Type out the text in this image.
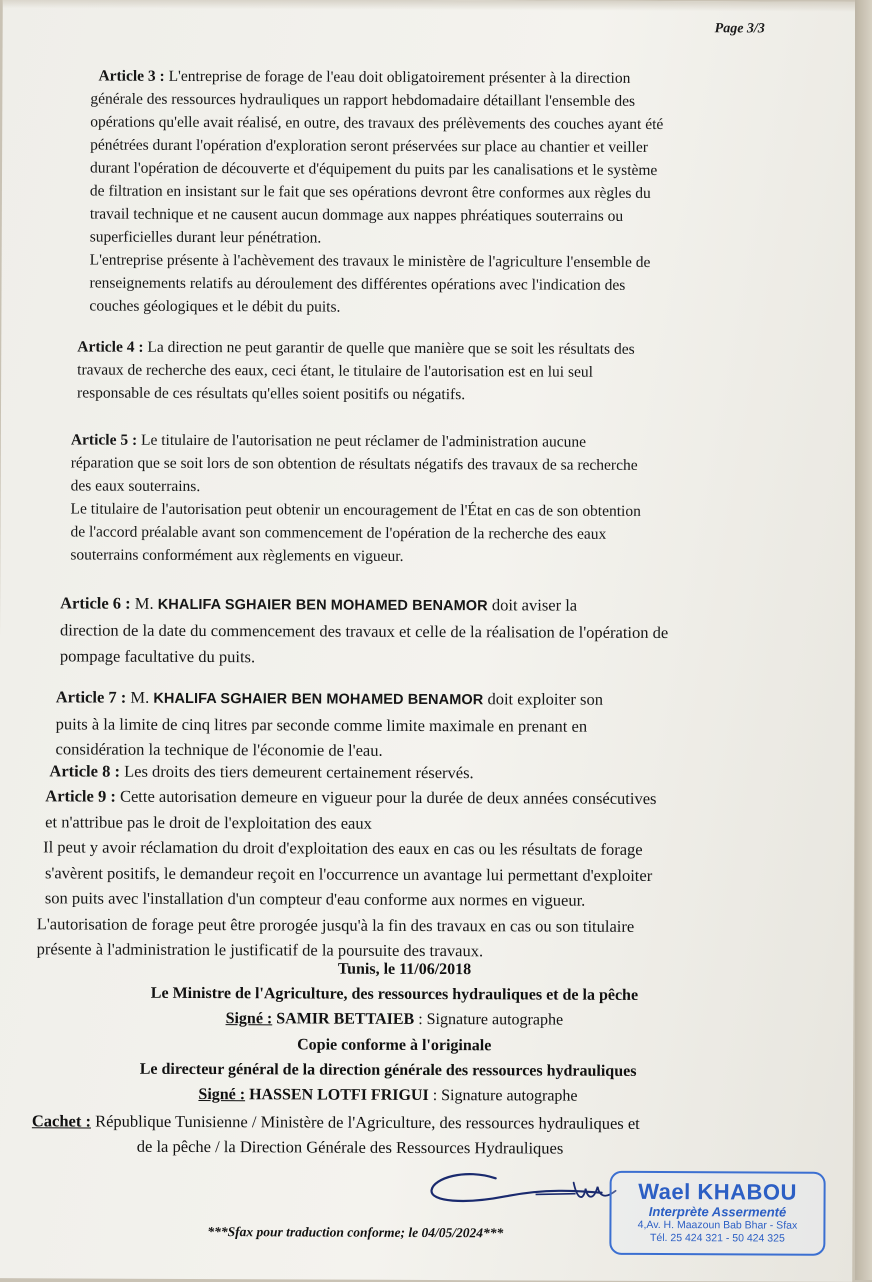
Page 3/3
Article 3 : L'entreprise de forage de l'eau doit obligatoirement présenter à la direction
générale des ressources hydrauliques un rapport hebdomadaire détaillant l'ensemble des
opérations qu'elle avait réalisé, en outre, des travaux des prélèvements des couches ayant été
pénétrées durant l'opération d'exploration seront préservées sur place au chantier et veiller
durant l'opération de découverte et d'équipement du puits par les canalisations et le système
de filtration en insistant sur le fait que ses opérations devront être conformes aux règles du
travail technique et ne causent aucun dommage aux nappes phréatiques souterrains ou
superficielles durant leur pénétration.
L'entreprise présente à l'achèvement des travaux le ministère de l'agriculture l'ensemble de
renseignements relatifs au déroulement des différentes opérations avec l'indication des
couches géologiques et le débit du puits.
Article 4 : La direction ne peut garantir de quelle que manière que se soit les résultats des
travaux de recherche des eaux, ceci étant, le titulaire de l'autorisation est en lui seul
responsable de ces résultats qu'elles soient positifs ou négatifs.
Article 5 : Le titulaire de l'autorisation ne peut réclamer de l'administration aucune
réparation que se soit lors de son obtention de résultats négatifs des travaux de sa recherche
des eaux souterrains.
Le titulaire de l'autorisation peut obtenir un encouragement de l'État en cas de son obtention
de l'accord préalable avant son commencement de l'opération de la recherche des eaux
souterrains conformément aux règlements en vigueur.
Article 6 : M. KHALIFA SGHAIER BEN MOHAMED BENAMOR doit aviser la
direction de la date du commencement des travaux et celle de la réalisation de l'opération de
pompage facultative du puits.
Article 7 : M. KHALIFA SGHAIER BEN MOHAMED BENAMOR doit exploiter son
puits à la limite de cinq litres par seconde comme limite maximale en prenant en
considération la technique de l'économie de l'eau.
Article 8 : Les droits des tiers demeurent certainement réservés.
Article 9 : Cette autorisation demeure en vigueur pour la durée de deux années consécutives
et n'attribue pas le droit de l'exploitation des eaux
Il peut y avoir réclamation du droit d'exploitation des eaux en cas ou les résultats de forage
s'avèrent positifs, le demandeur reçoit en l'occurrence un avantage lui permettant d'exploiter
son puits avec l'installation d'un compteur d'eau conforme aux normes en vigueur.
L'autorisation de forage peut être prorogée jusqu'à la fin des travaux en cas ou son titulaire
présente à l'administration le justificatif de la poursuite des travaux.
Tunis, le 11/06/2018
Le Ministre de l'Agriculture, des ressources hydrauliques et de la pêche
Signé : SAMIR BETTAIEB : Signature autographe
Copie conforme à l'originale
Le directeur général de la direction générale des ressources hydrauliques
Signé : HASSEN LOTFI FRIGUI : Signature autographe
Cachet : République Tunisienne / Ministère de l'Agriculture, des ressources hydrauliques et
de la pêche / la Direction Générale des Ressources Hydrauliques
Wael KHABOU
Interprète Assermenté
4,Av. H. Maazoun Bab Bhar - Sfax
Tél. 25 424 321 - 50 424 325
***Sfax pour traduction conforme; le 04/05/2024***
